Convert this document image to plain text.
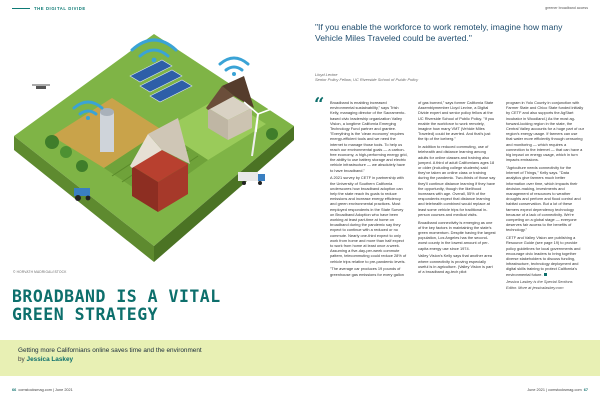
THE DIGITAL DIVIDE	greener broadband access
© HORVATH MADRIGAL/ISTOCK
BROADBAND IS A VITAL
GREEN STRATEGY
"If you enable the workforce to work remotely, imagine how many Vehicle Miles Traveled could be averted."
Lloyd Levine
Senior Policy Fellow, UC Riverside School of Public Policy
“ Broadband is enabling increased environmental sustainability," says Trish Kelly, managing director of the Sacramento-based civic leadership organization Valley Vision, a longtime California Emerging Technology Fund partner and grantee. "Everything is the 'clean economy' requires energy-efficient tools and we need the internet to manage those tools. To help us reach our environmental goals — a carbon-free economy, a high-performing energy grid, the ability to use battery storage and electric vehicle infrastructure — we absolutely have to have broadband."

A 2021 survey by CETF in partnership with the University of Southern California underscores how broadband adoption can help the state reach its goals to reduce emissions and increase energy efficiency and green environmental practices. Most employed respondents in the State Survey on Broadband Adoption who have been working at least part-time at home on broadband during the pandemic say they expect to continue with a reduced or no commute. Nearly one-third expect to only work from home and more than half expect to work from home at least once a week. Assuming a five-day-per-week commute pattern, telecommuting could reduce 28% of vehicle trips relative to pre-pandemic levels.

"The average car produces 19 pounds of greenhouse gas emissions for every gallon

of gas burned," says former California State Assemblymember Lloyd Levine, a Digital Divide expert and senior policy fellow at the UC Riverside School of Public Policy. "If you enable the workforce to work remotely, imagine how many VMT (Vehicle Miles Traveled) could be averted. And that's just the tip of the iceberg."

In addition to reduced commuting, use of telehealth and distance learning among adults for online classes and training also jumped. A third of adult Californians ages 18 or older (including college students) said they've taken an online class or training during the pandemic. Two-thirds of those say they'll continue distance learning if they have the opportunity, though the likelihood increases with age. Overall, 55% of the respondents expect that distance learning and telehealth combined would replace at least some vehicle trips for traditional in-person courses and medical visits.

Broadband connectivity is emerging as one of the key factors in maintaining the state's green momentum. Despite having the largest population, Los Angeles has the second-worst county in the lowest amount of per-capita energy use since 1974.

Valley Vision's Kelly says that another area where connectivity is proving especially useful is in agriculture. (Valley Vision is part of a broadband ag-tech pilot

program in Yolo County in conjunction with Farmer State and Chico State funded initially by CETF and also supports the AgStart incubator in Woodland.) As the most ag-forward-looking region in the state, the Central Valley accounts for a huge part of our region's energy usage. If farmers can use that water more efficiently through censoring and monitoring — which requires a connection to the internet — that can have a big impact on energy usage, which in turn impacts emissions.

"Agriculture needs connectivity for the Internet of Things," Kelly says. "Data analytics give farmers much better information over time, which impacts their decision-making, investments and management of resources to weather droughts and perform and flood control and habitat conservation. But a lot of these farmers expect dependency technology because of a lack of connectivity. We're competing on a global stage — everyone deserves fair access to the benefits of technology."

CETF and Valley Vision are publishing a Resource Guide (see page 19) to provide policy guidelines for local governments and encourage civic leaders to bring together diverse stakeholders to discuss funding, infrastructure, technology deployment and digital skills training to protect California's environmental future.

Jessica Laskey is the Special Sections Editor. More at jessicalaskey.com

Getting more Californians online saves time and the environment
by Jessica Laskey
66 comstocksmag.com | June 2021	June 2021 | comstocksmag.com 67
